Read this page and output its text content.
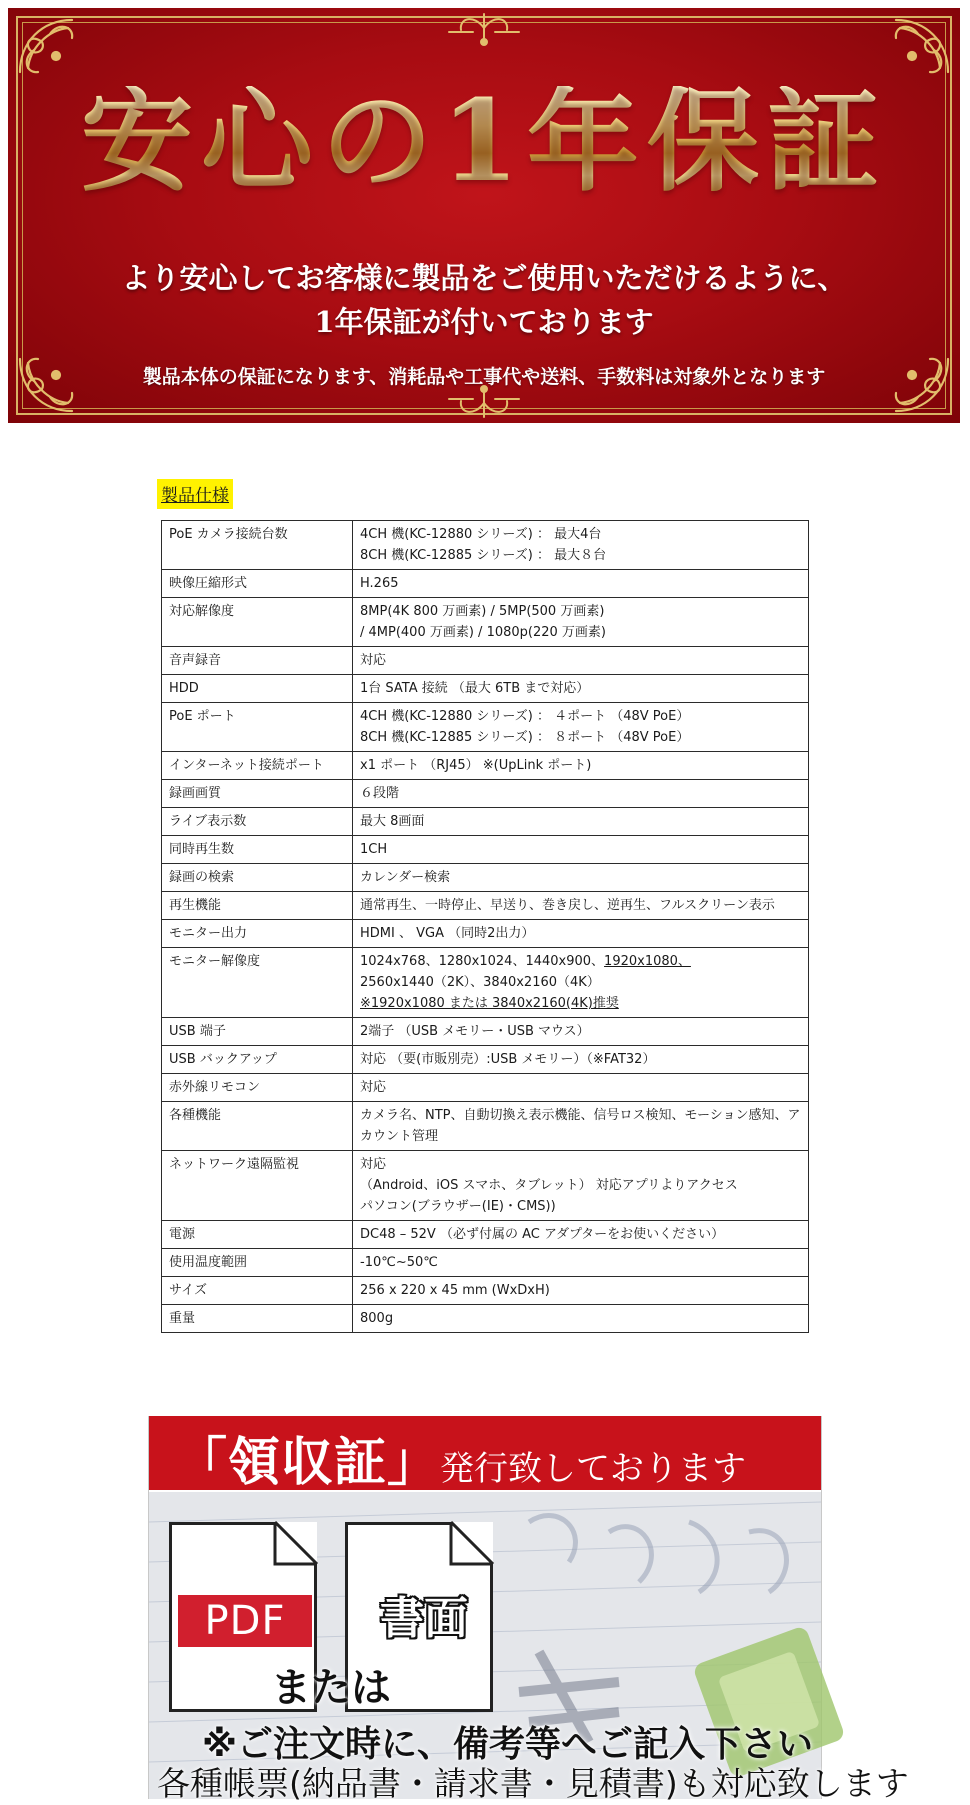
安心の1年保証
より安心してお客様に製品をご使用いただけるように、
1年保証が付いております
製品本体の保証になります、消耗品や工事代や送料、手数料は対象外となります
製品仕様
PoE カメラ接続台数	4CH 機(KC-12880 シリーズ) ： 最大4台
8CH 機(KC-12885 シリーズ) ： 最大８台

映像圧縮形式	H.265

対応解像度	8MP(4K 800 万画素) / 5MP(500 万画素)
/ 4MP(400 万画素) / 1080p(220 万画素)

音声録音	対応

HDD	1台 SATA 接続 （最大 6TB まで対応）

PoE ポート	4CH 機(KC-12880 シリーズ) ： ４ポート （48V PoE）
8CH 機(KC-12885 シリーズ) ： ８ポート （48V PoE）

インターネット接続ポート	x1 ポート （RJ45） ※(UpLink ポート)

録画画質	６段階

ライブ表示数	最大 8画面

同時再生数	1CH

録画の検索	カレンダー検索

再生機能	通常再生、一時停止、早送り、巻き戻し、逆再生、フルスクリーン表示

モニター出力	HDMI 、 VGA （同時2出力）

モニター解像度	1024x768、1280x1024、1440x900、1920x1080、
2560x1440（2K）、3840x2160（4K）
※1920x1080 または 3840x2160(4K)推奨

USB 端子	2端子 （USB メモリー・USB マウス）

USB バックアップ	対応 （要(市販別売）:USB メモリー）（※FAT32）

赤外線リモコン	対応

各種機能	カメラ名、NTP、自動切換え表示機能、信号ロス検知、モーション感知、アカウント管理

ネットワーク遠隔監視	対応
（Android、iOS スマホ、タブレット） 対応アプリよりアクセス
パソコン(ブラウザー(IE)・CMS))

電源	DC48 – 52V （必ず付属の AC アダプターをお使いください）

使用温度範囲	-10℃~50℃

サイズ	256 x 220 x 45 mm (WxDxH)

重量	800g
「領収証」発行致しております
PDF	書面
または
※ご注文時に、備考等へご記入下さい
各種帳票(納品書・請求書・見積書)も対応致します
